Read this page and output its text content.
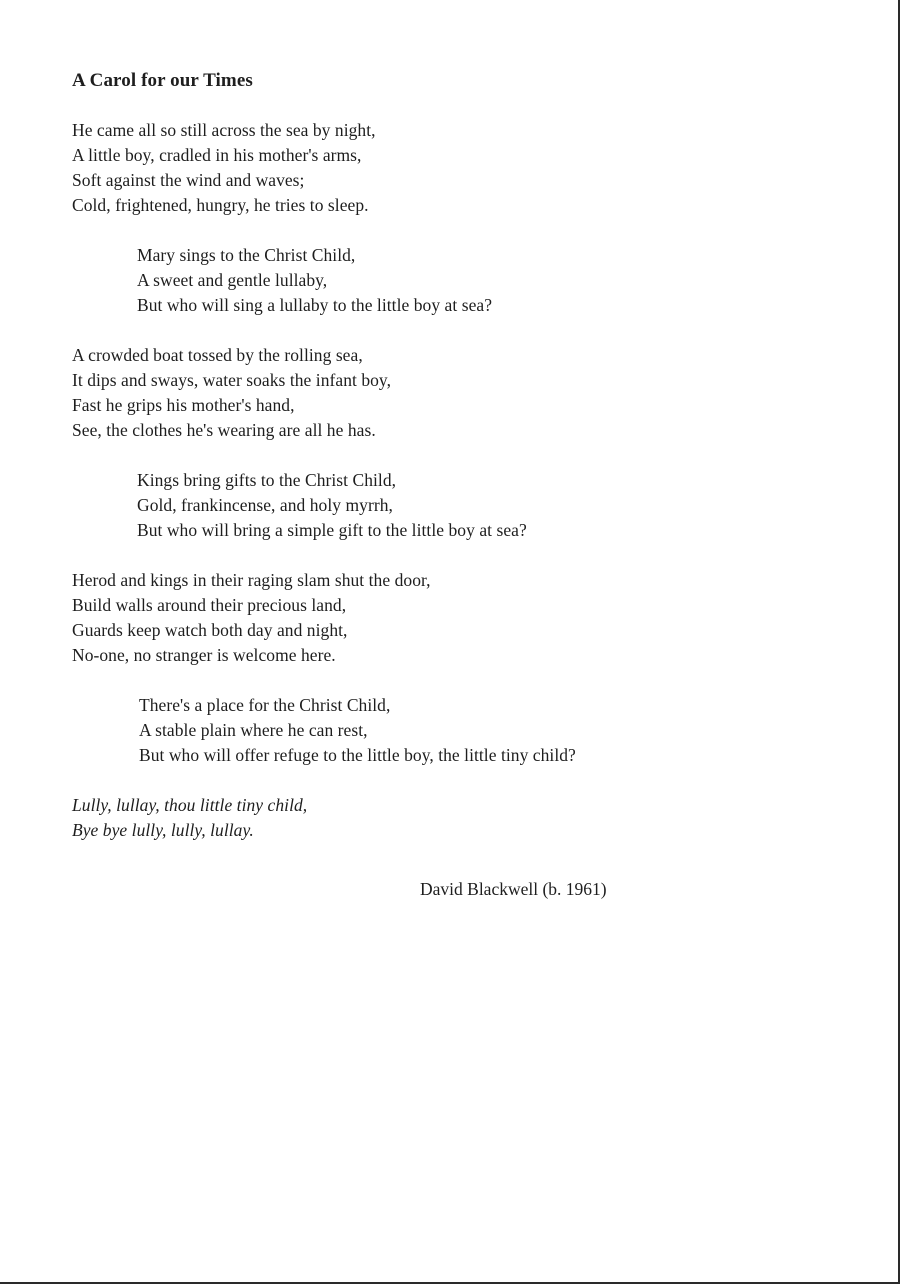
A Carol for our Times

He came all so still across the sea by night,
A little boy, cradled in his mother's arms,
Soft against the wind and waves;
Cold, frightened, hungry, he tries to sleep.

Mary sings to the Christ Child,
A sweet and gentle lullaby,
But who will sing a lullaby to the little boy at sea?

A crowded boat tossed by the rolling sea,
It dips and sways, water soaks the infant boy,
Fast he grips his mother's hand,
See, the clothes he's wearing are all he has.

Kings bring gifts to the Christ Child,
Gold, frankincense, and holy myrrh,
But who will bring a simple gift to the little boy at sea?

Herod and kings in their raging slam shut the door,
Build walls around their precious land,
Guards keep watch both day and night,
No-one, no stranger is welcome here.

There's a place for the Christ Child,
A stable plain where he can rest,
But who will offer refuge to the little boy, the little tiny child?

Lully, lullay, thou little tiny child,
Bye bye lully, lully, lullay.

David Blackwell (b. 1961)
